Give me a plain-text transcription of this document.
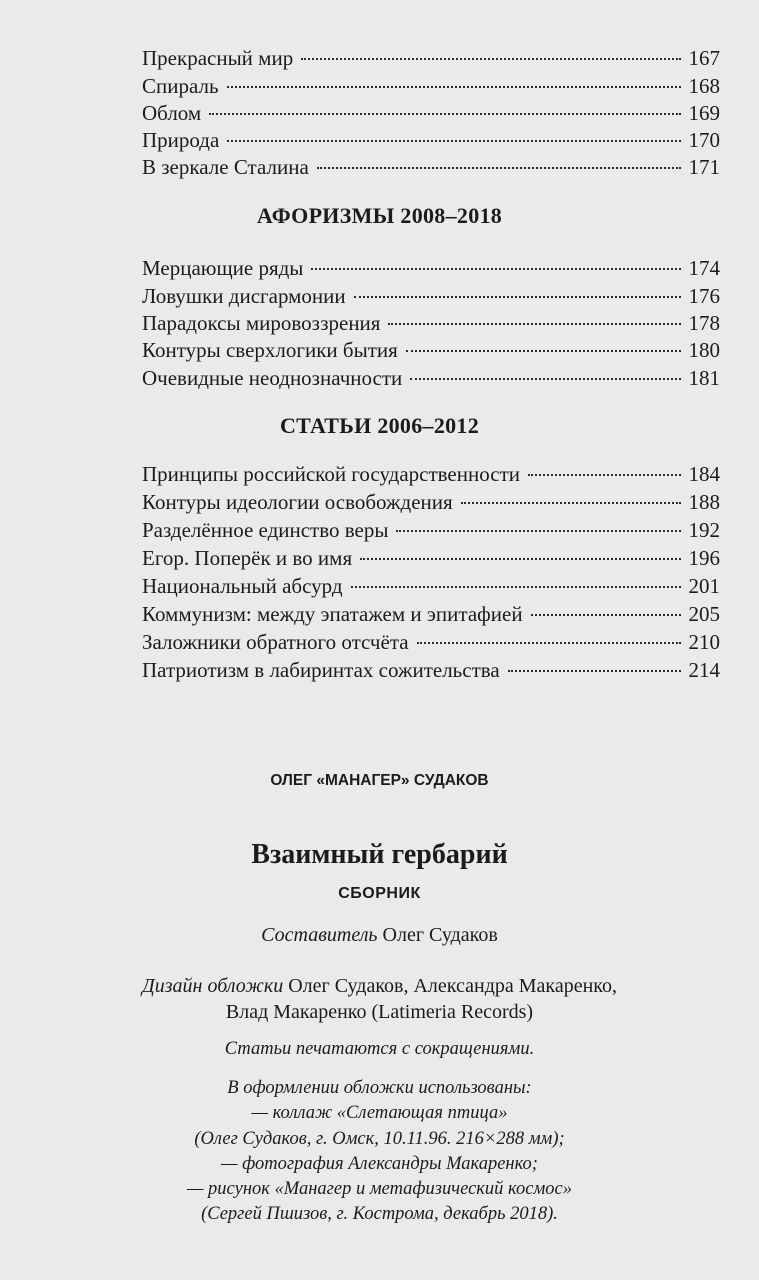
Прекрасный мир	167
Спираль	168
Облом	169
Природа	170
В зеркале Сталина	171
АФОРИЗМЫ 2008–2018
Мерцающие ряды	174
Ловушки дисгармонии	176
Парадоксы мировоззрения	178
Контуры сверхлогики бытия	180
Очевидные неоднозначности	181
СТАТЬИ 2006–2012
Принципы российской государственности	184
Контуры идеологии освобождения	188
Разделённое единство веры	192
Егор. Поперёк и во имя	196
Национальный абсурд	201
Коммунизм: между эпатажем и эпитафией	205
Заложники обратного отсчёта	210
Патриотизм в лабиринтах сожительства	214
ОЛЕГ «МАНАГЕР» СУДАКОВ
Взаимный гербарий
СБОРНИК
Составитель Олег Судаков
Дизайн обложки Олег Судаков, Александра Макаренко,
Влад Макаренко (Latimeria Records)
Статьи печатаются с сокращениями.
В оформлении обложки использованы:
— коллаж «Слетающая птица»
(Олег Судаков, г. Омск, 10.11.96. 216×288 мм);
— фотография Александры Макаренко;
— рисунок «Манагер и метафизический космос»
(Сергей Пшизов, г. Кострома, декабрь 2018).
